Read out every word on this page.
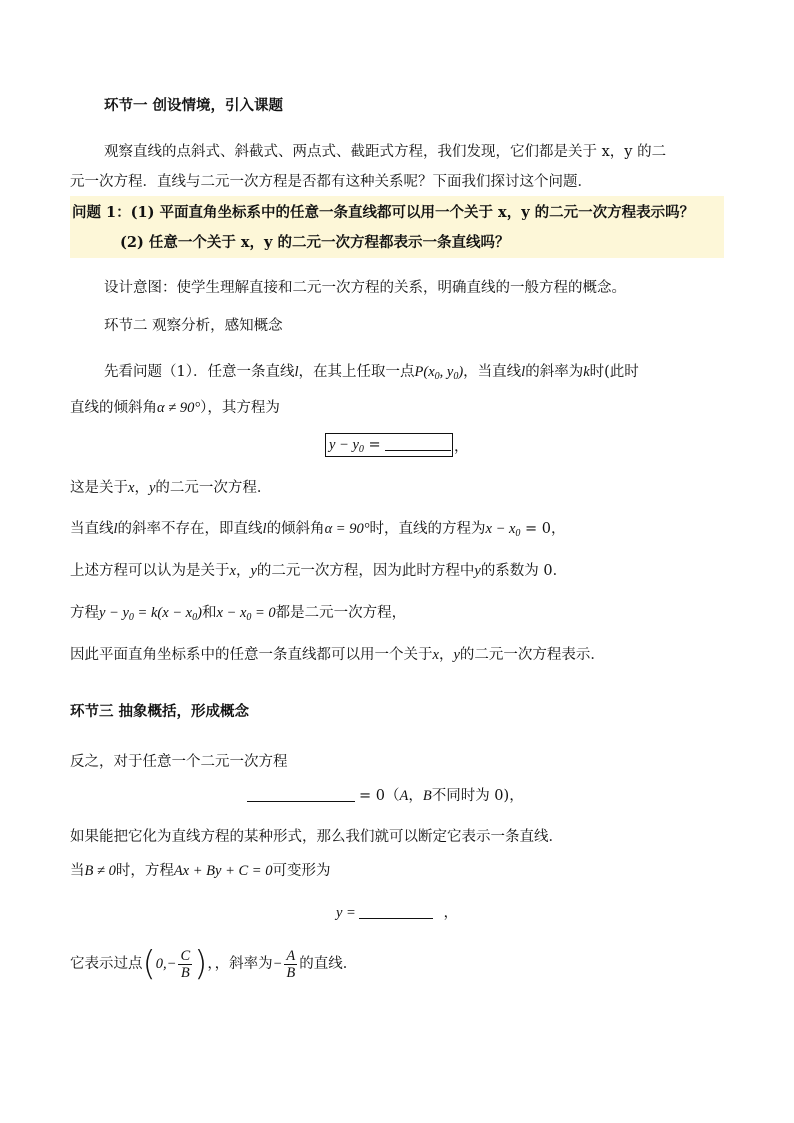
环节一 创设情境，引入课题
观察直线的点斜式、斜截式、两点式、截距式方程，我们发现，它们都是关于 x，y 的二
元一次方程．直线与二元一次方程是否都有这种关系呢？下面我们探讨这个问题．
问题 1：(1) 平面直角坐标系中的任意一条直线都可以用一个关于 x，y 的二元一次方程表示吗？
(2) 任意一个关于 x，y 的二元一次方程都表示一条直线吗？
设计意图：使学生理解直接和二元一次方程的关系，明确直线的一般方程的概念。
环节二 观察分析，感知概念
先看问题（1）．任意一条直线l，在其上任取一点$P(x_0$, $y_0$)，当直线l的斜率为k时(此时
直线的倾斜角α ≠ 90°），其方程为
$y - y_0$ =	，
这是关于x，y的二元一次方程．
当直线l的斜率不存在，即直线l的倾斜角α = 90°时，直线的方程为$x - x_0 = 0$，
上述方程可以认为是关于x，y的二元一次方程，因为此时方程中y的系数为 0．
方程$y - y_0 = k(x - x_0)$和$x - x_0 = 0$都是二元一次方程，
因此平面直角坐标系中的任意一条直线都可以用一个关于x，y的二元一次方程表示．
环节三 抽象概括，形成概念
反之，对于任意一个二元一次方程
= 0（A，B不同时为 0)，
如果能把它化为直线方程的某种形式，那么我们就可以断定它表示一条直线．
当B ≠ 0时，方程Ax + By + C = 0可变形为
y =	，
它表示过点($0,- \frac{C}{B}$ )，，斜率为− $\frac{A}{B}$ 的直线．
